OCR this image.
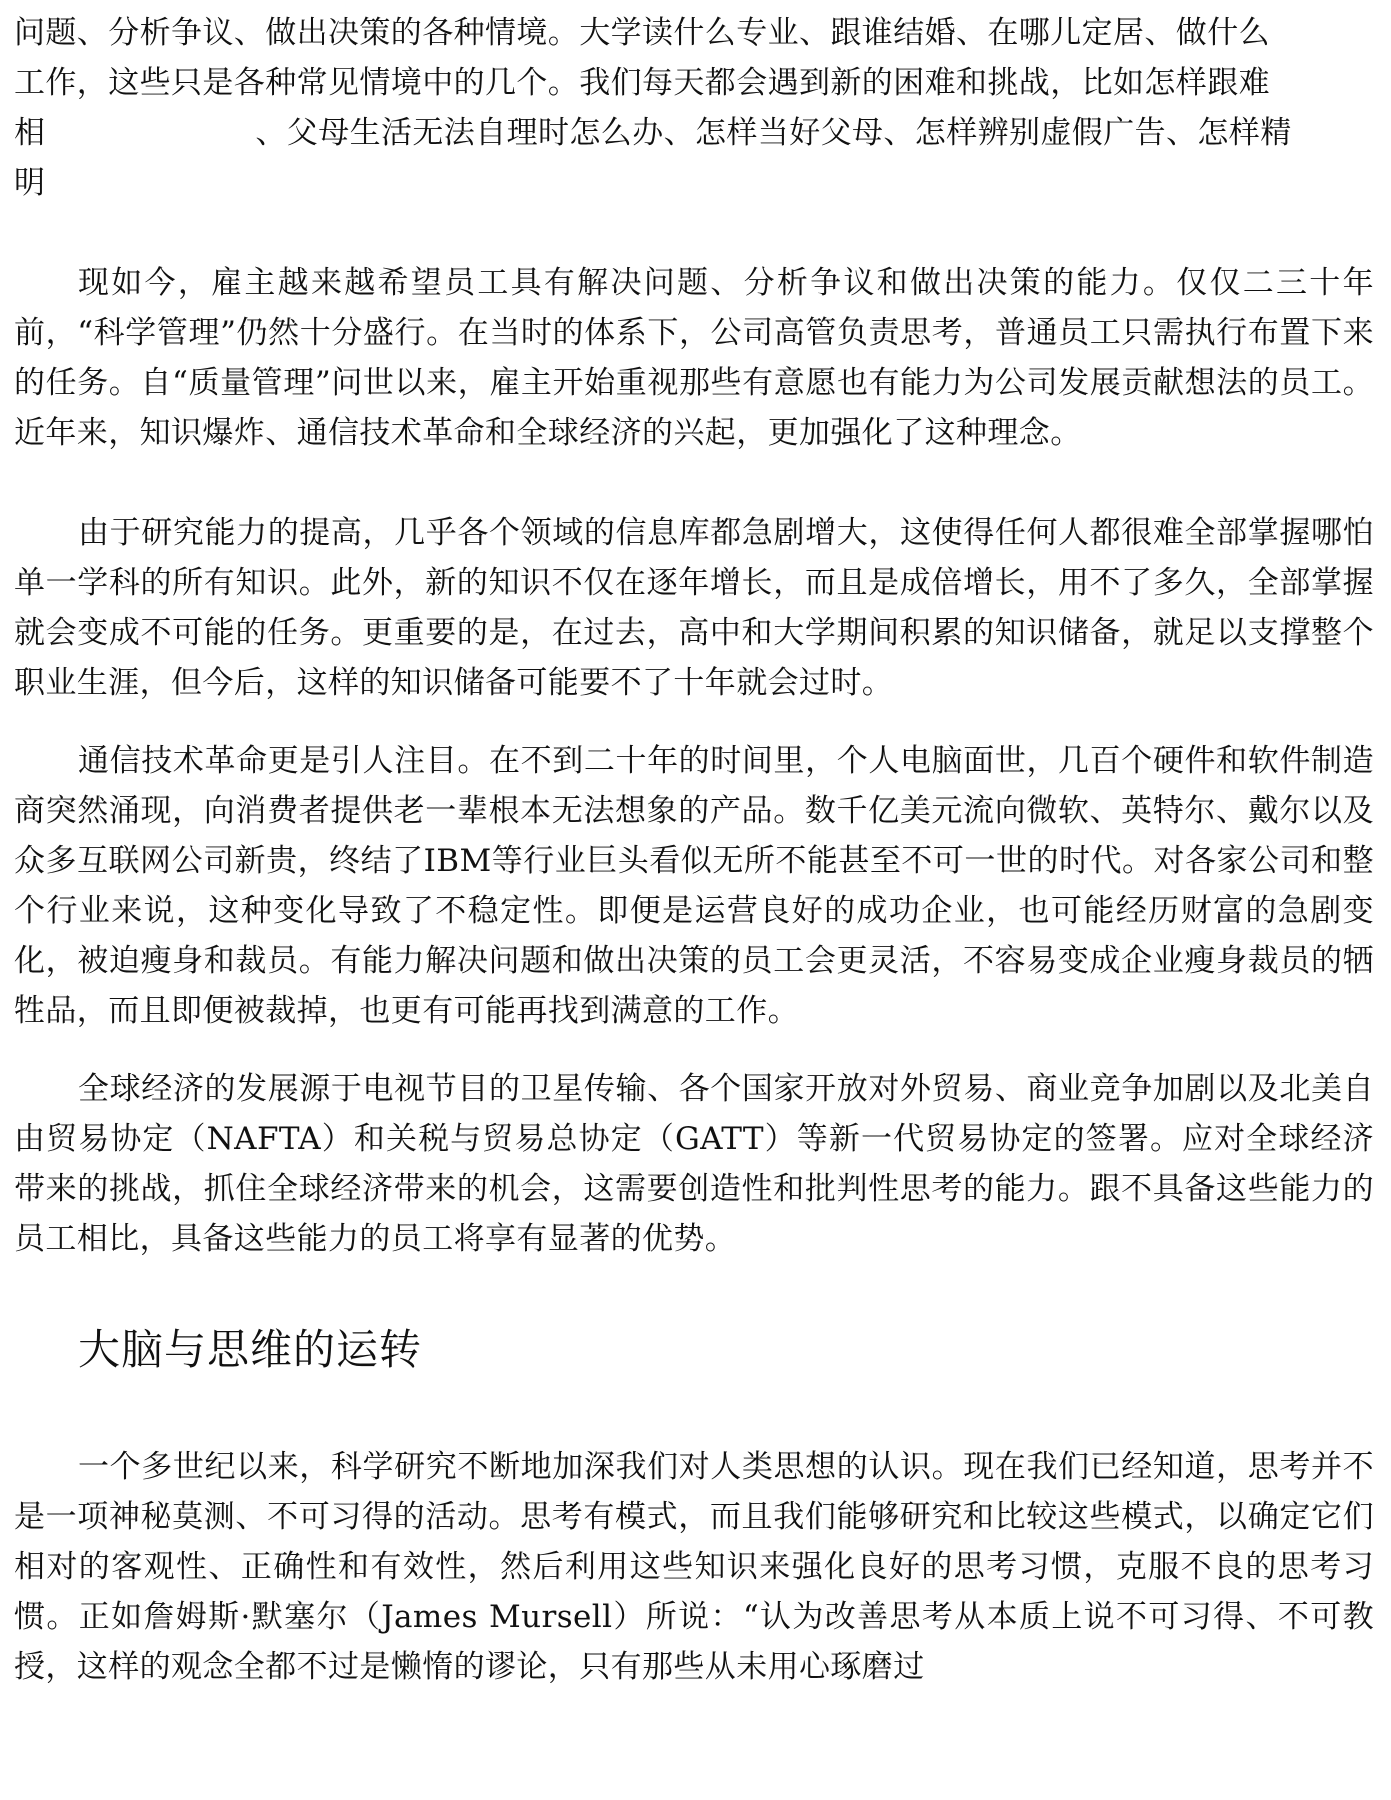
问题、分析争议、做出决策的各种情境。大学读什么专业、跟谁结婚、在哪儿定居、做什么

工作，这些只是各种常见情境中的几个。我们每天都会遇到新的困难和挑战，比如怎样跟难

相	、父母生活无法自理时怎么办、怎样当好父母、怎样辨别虚假广告、怎样精

明

现如今，雇主越来越希望员工具有解决问题、分析争议和做出决策的能力。仅仅二三十年前，“科学管理”仍然十分盛行。在当时的体系下，公司高管负责思考，普通员工只需执行布置下来的任务。自“质量管理”问世以来，雇主开始重视那些有意愿也有能力为公司发展贡献想法的员工。近年来，知识爆炸、通信技术革命和全球经济的兴起，更加强化了这种理念。

由于研究能力的提高，几乎各个领域的信息库都急剧增大，这使得任何人都很难全部掌握哪怕单一学科的所有知识。此外，新的知识不仅在逐年增长，而且是成倍增长，用不了多久，全部掌握就会变成不可能的任务。更重要的是，在过去，高中和大学期间积累的知识储备，就足以支撑整个职业生涯，但今后，这样的知识储备可能要不了十年就会过时。

通信技术革命更是引人注目。在不到二十年的时间里，个人电脑面世，几百个硬件和软件制造商突然涌现，向消费者提供老一辈根本无法想象的产品。数千亿美元流向微软、英特尔、戴尔以及众多互联网公司新贵，终结了IBM等行业巨头看似无所不能甚至不可一世的时代。对各家公司和整个行业来说，这种变化导致了不稳定性。即便是运营良好的成功企业，也可能经历财富的急剧变化，被迫瘦身和裁员。有能力解决问题和做出决策的员工会更灵活，不容易变成企业瘦身裁员的牺牲品，而且即便被裁掉，也更有可能再找到满意的工作。

全球经济的发展源于电视节目的卫星传输、各个国家开放对外贸易、商业竞争加剧以及北美自由贸易协定（NAFTA）和关税与贸易总协定（GATT）等新一代贸易协定的签署。应对全球经济带来的挑战，抓住全球经济带来的机会，这需要创造性和批判性思考的能力。跟不具备这些能力的员工相比，具备这些能力的员工将享有显著的优势。

大脑与思维的运转

一个多世纪以来，科学研究不断地加深我们对人类思想的认识。现在我们已经知道，思考并不是一项神秘莫测、不可习得的活动。思考有模式，而且我们能够研究和比较这些模式，以确定它们相对的客观性、正确性和有效性，然后利用这些知识来强化良好的思考习惯，克服不良的思考习惯。正如詹姆斯·默塞尔（James Mursell）所说：“认为改善思考从本质上说不可习得、不可教授，这样的观念全都不过是懒惰的谬论，只有那些从未用心琢磨过
